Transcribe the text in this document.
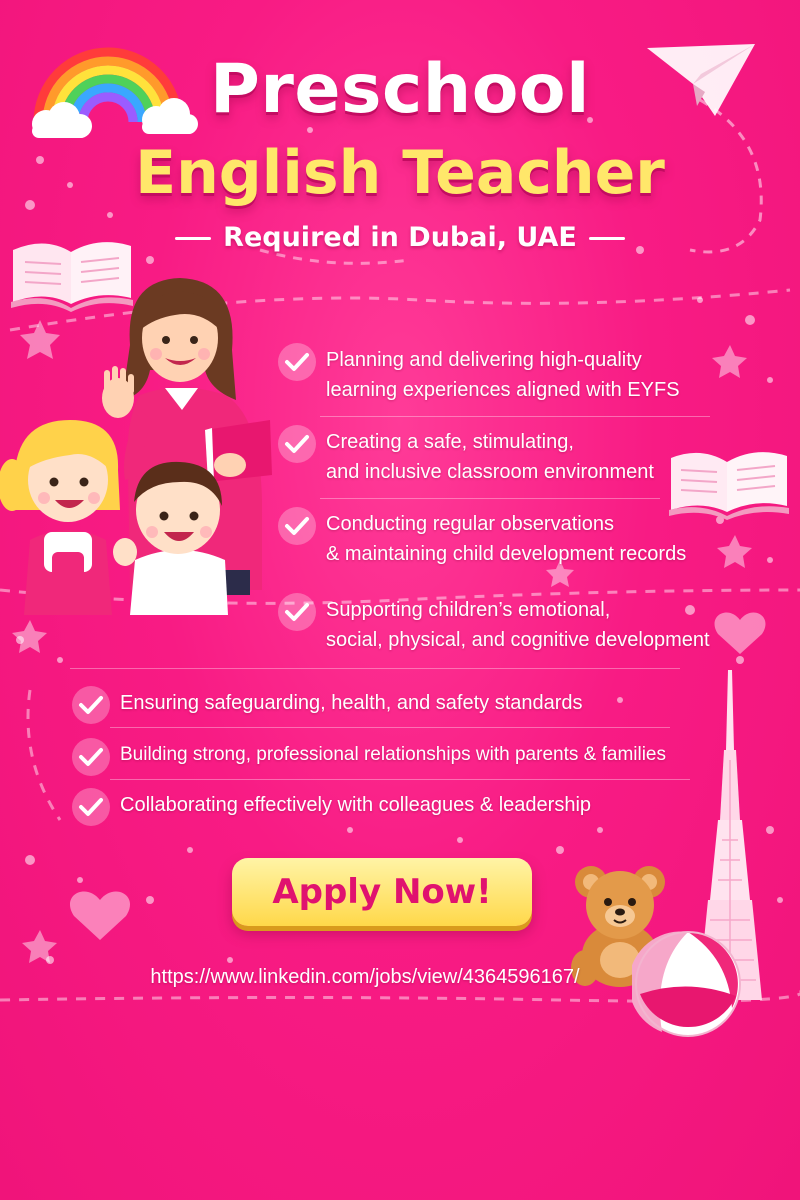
Preschool
English Teacher
Required in Dubai, UAE
Planning and delivering high-quality
learning experiences aligned with EYFS
Creating a safe, stimulating,
and inclusive classroom environment
Conducting regular observations
& maintaining child development records
Supporting children’s emotional,
social, physical, and cognitive development
Ensuring safeguarding, health, and safety standards
Building strong, professional relationships with parents & families
Collaborating effectively with colleagues & leadership
Apply Now!
https://www.linkedin.com/jobs/view/4364596167/
